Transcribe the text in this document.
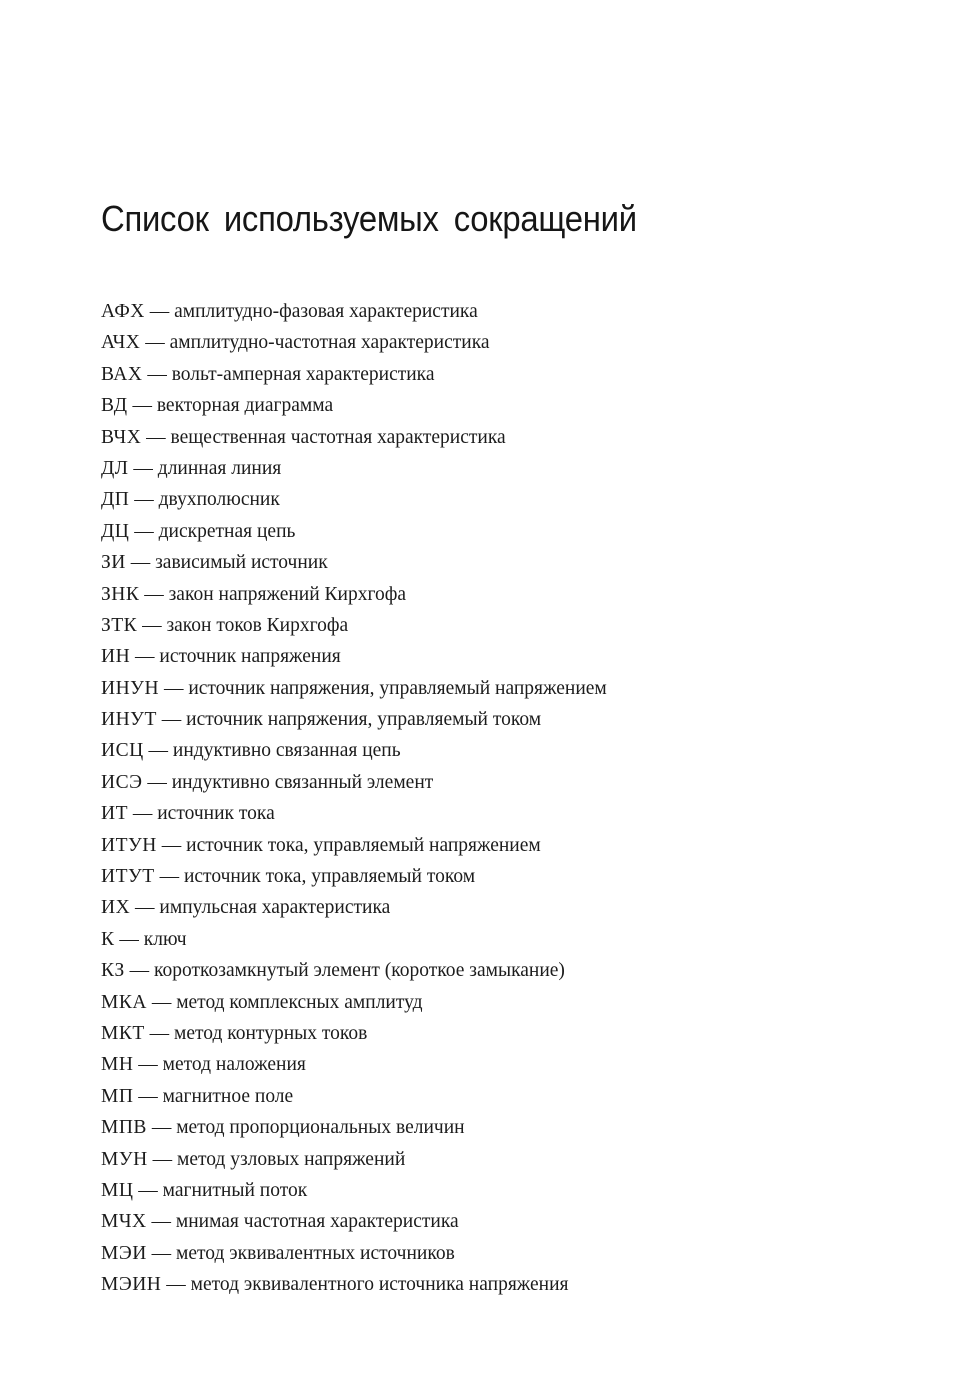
Список используемых сокращений
АФХ — амплитудно-фазовая характеристика
АЧХ — амплитудно-частотная характеристика
ВАХ — вольт-амперная характеристика
ВД — векторная диаграмма
ВЧХ — вещественная частотная характеристика
ДЛ — длинная линия
ДП — двухполюсник
ДЦ — дискретная цепь
ЗИ — зависимый источник
ЗНК — закон напряжений Кирхгофа
ЗТК — закон токов Кирхгофа
ИН — источник напряжения
ИНУН — источник напряжения, управляемый напряжением
ИНУТ — источник напряжения, управляемый током
ИСЦ — индуктивно связанная цепь
ИСЭ — индуктивно связанный элемент
ИТ — источник тока
ИТУН — источник тока, управляемый напряжением
ИТУТ — источник тока, управляемый током
ИХ — импульсная характеристика
К — ключ
КЗ — короткозамкнутый элемент (короткое замыкание)
МКА — метод комплексных амплитуд
МКТ — метод контурных токов
МН — метод наложения
МП — магнитное поле
МПВ — метод пропорциональных величин
МУН — метод узловых напряжений
МЦ — магнитный поток
МЧХ — мнимая частотная характеристика
МЭИ — метод эквивалентных источников
МЭИН — метод эквивалентного источника напряжения
